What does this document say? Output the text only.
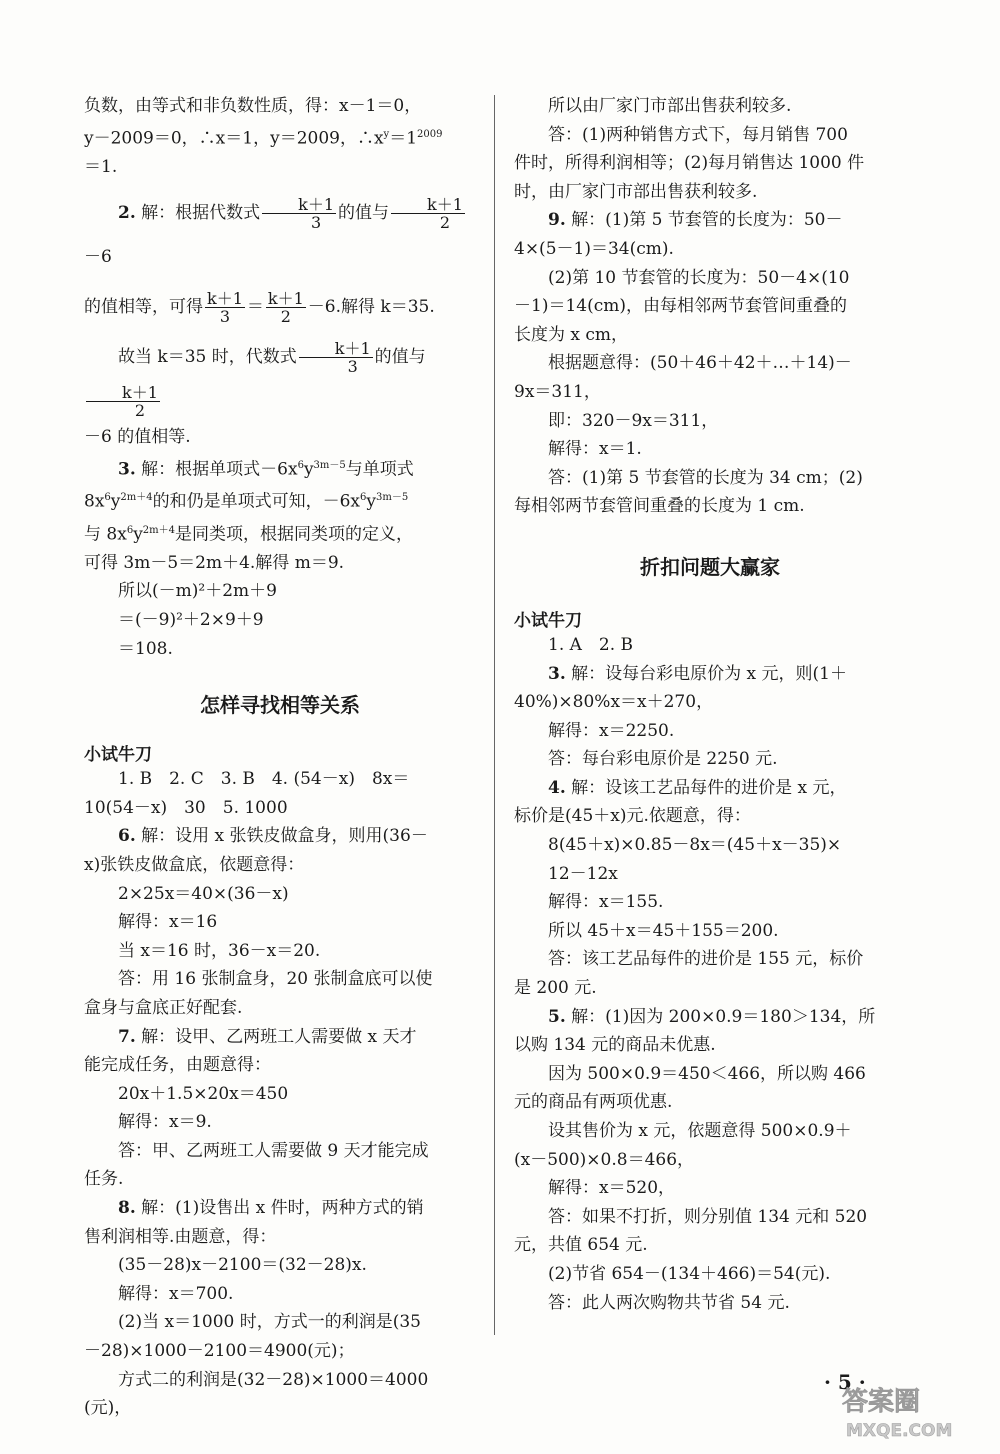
负数，由等式和非负数性质，得：x－1＝0，

y－2009＝0，∴x＝1，y＝2009，$\therefore x^y=1^{2009}$

＝1.

2. 解：根据代数式 $\frac{k+1}{3}$ 的值与 $\frac{k+1}{2}$
－6

的值相等，可得 $\frac{k+1}{3} = \frac{k+1}{2} -6$.解得 k＝35.

故当 k＝35 时，代数式 $\frac{k+1}{3}$ 的值与
$\frac{k+1}{2}$

－6 的值相等.

3. 解：根据单项式$-6x^6y^{3m-5}$与单项式

$8x^6y^{2m+4}$的和仍是单项式可知，$-6x^6y^{3m-5}$

与 $8x^6y^{2m+4}$是同类项，根据同类项的定义，

可得 3m－5＝2m＋4.解得 m＝9.

所以(－m)²＋2m＋9

＝(－9)²＋2×9＋9

＝108.

怎样寻找相等关系

小试牛刀

1. B　2. C　3. B　4. (54－x)　8x＝

10(54－x)　30　5. 1000

6. 解：设用 x 张铁皮做盒身，则用(36－

x)张铁皮做盒底，依题意得：

2×25x＝40×(36－x)

解得：x＝16

当 x＝16 时，36－x＝20.

答：用 16 张制盒身，20 张制盒底可以使

盒身与盒底正好配套.

7. 解：设甲、乙两班工人需要做 x 天才

能完成任务，由题意得：

20x＋1.5×20x＝450

解得：x＝9.

答：甲、乙两班工人需要做 9 天才能完成

任务.

8. 解：(1)设售出 x 件时，两种方式的销

售利润相等.由题意，得：

(35－28)x－2100＝(32－28)x.

解得：x＝700.

(2)当 x＝1000 时，方式一的利润是(35

－28)×1000－2100＝4900(元)；

方式二的利润是(32－28)×1000＝4000

(元)，

所以由厂家门市部出售获利较多.

答：(1)两种销售方式下，每月销售 700

件时，所得利润相等；(2)每月销售达 1000 件

时，由厂家门市部出售获利较多.

9. 解：(1)第 5 节套管的长度为：50－

4×(5－1)＝34(cm).

(2)第 10 节套管的长度为：50－4×(10

－1)＝14(cm)，由每相邻两节套管间重叠的

长度为 x cm，

根据题意得：(50＋46＋42＋…＋14)－

9x＝311，

即：320－9x＝311，

解得：x＝1.

答：(1)第 5 节套管的长度为 34 cm；(2)

每相邻两节套管间重叠的长度为 1 cm.

折扣问题大赢家

小试牛刀

1. A　2. B

3. 解：设每台彩电原价为 x 元，则(1＋

40%)×80%x＝x＋270，

解得：x＝2250.

答：每台彩电原价是 2250 元.

4. 解：设该工艺品每件的进价是 x 元，

标价是(45＋x)元.依题意，得：

8(45＋x)×0.85－8x＝(45＋x－35)×

12－12x

解得：x＝155.

所以 45＋x＝45＋155＝200.

答：该工艺品每件的进价是 155 元，标价

是 200 元.

5. 解：(1)因为 200×0.9＝180＞134，所

以购 134 元的商品未优惠.

因为 500×0.9＝450＜466，所以购 466

元的商品有两项优惠.

设其售价为 x 元，依题意得 500×0.9＋

(x－500)×0.8＝466，

解得：x＝520，

答：如果不打折，则分别值 134 元和 520

元，共值 654 元.

(2)节省 654－(134＋466)＝54(元).

答：此人两次购物共节省 54 元.

· 5 ·
答案圈
MXQE.COM
